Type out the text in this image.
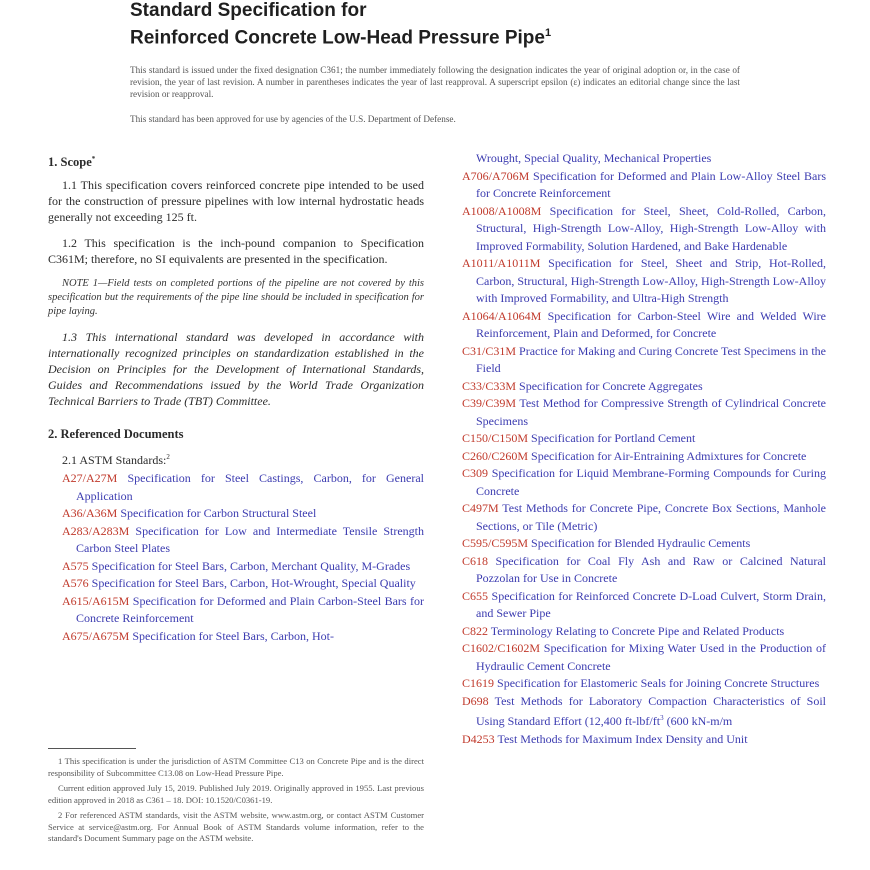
Standard Specification for
Reinforced Concrete Low-Head Pressure Pipe$^1$
This standard is issued under the fixed designation C361; the number immediately following the designation indicates the year of original adoption or, in the case of revision, the year of last revision. A number in parentheses indicates the year of last reapproval. A superscript epsilon (ε) indicates an editorial change since the last revision or reapproval.
This standard has been approved for use by agencies of the U.S. Department of Defense.
1. Scope*

1.1 This specification covers reinforced concrete pipe intended to be used for the construction of pressure pipelines with low internal hydrostatic heads generally not exceeding 125 ft.

1.2 This specification is the inch-pound companion to Specification C361M; therefore, no SI equivalents are presented in the specification.

NOTE 1—Field tests on completed portions of the pipeline are not covered by this specification but the requirements of the pipe line should be included in specification for pipe laying.

1.3 This international standard was developed in accordance with internationally recognized principles on standardization established in the Decision on Principles for the Development of International Standards, Guides and Recommendations issued by the World Trade Organization Technical Barriers to Trade (TBT) Committee.

2. Referenced Documents
2.1 ASTM Standards:$^2$

A27/A27M Specification for Steel Castings, Carbon, for General Application

A36/A36M Specification for Carbon Structural Steel

A283/A283M Specification for Low and Intermediate Tensile Strength Carbon Steel Plates

A575 Specification for Steel Bars, Carbon, Merchant Quality, M-Grades

A576 Specification for Steel Bars, Carbon, Hot-Wrought, Special Quality

A615/A615M Specification for Deformed and Plain Carbon-Steel Bars for Concrete Reinforcement

A675/A675M Specification for Steel Bars, Carbon, Hot-

Wrought, Special Quality, Mechanical Properties

A706/A706M Specification for Deformed and Plain Low-Alloy Steel Bars for Concrete Reinforcement

A1008/A1008M Specification for Steel, Sheet, Cold-Rolled, Carbon, Structural, High-Strength Low-Alloy, High-Strength Low-Alloy with Improved Formability, Solution Hardened, and Bake Hardenable

A1011/A1011M Specification for Steel, Sheet and Strip, Hot-Rolled, Carbon, Structural, High-Strength Low-Alloy, High-Strength Low-Alloy with Improved Formability, and Ultra-High Strength

A1064/A1064M Specification for Carbon-Steel Wire and Welded Wire Reinforcement, Plain and Deformed, for Concrete

C31/C31M Practice for Making and Curing Concrete Test Specimens in the Field

C33/C33M Specification for Concrete Aggregates

C39/C39M Test Method for Compressive Strength of Cylindrical Concrete Specimens

C150/C150M Specification for Portland Cement

C260/C260M Specification for Air-Entraining Admixtures for Concrete

C309 Specification for Liquid Membrane-Forming Compounds for Curing Concrete

C497M Test Methods for Concrete Pipe, Concrete Box Sections, Manhole Sections, or Tile (Metric)

C595/C595M Specification for Blended Hydraulic Cements

C618 Specification for Coal Fly Ash and Raw or Calcined Natural Pozzolan for Use in Concrete

C655 Specification for Reinforced Concrete D-Load Culvert, Storm Drain, and Sewer Pipe

C822 Terminology Relating to Concrete Pipe and Related Products

C1602/C1602M Specification for Mixing Water Used in the Production of Hydraulic Cement Concrete

C1619 Specification for Elastomeric Seals for Joining Concrete Structures

D698 Test Methods for Laboratory Compaction Characteristics of Soil Using Standard Effort (12,400 ft-lbf/ft$^3$ (600 kN-m/m

D4253 Test Methods for Maximum Index Density and Unit

1 This specification is under the jurisdiction of ASTM Committee C13 on Concrete Pipe and is the direct responsibility of Subcommittee C13.08 on Low-Head Pressure Pipe.

Current edition approved July 15, 2019. Published July 2019. Originally approved in 1955. Last previous edition approved in 2018 as C361 – 18. DOI: 10.1520/C0361-19.

2 For referenced ASTM standards, visit the ASTM website, www.astm.org, or contact ASTM Customer Service at service@astm.org. For Annual Book of ASTM Standards volume information, refer to the standard's Document Summary page on the ASTM website.
